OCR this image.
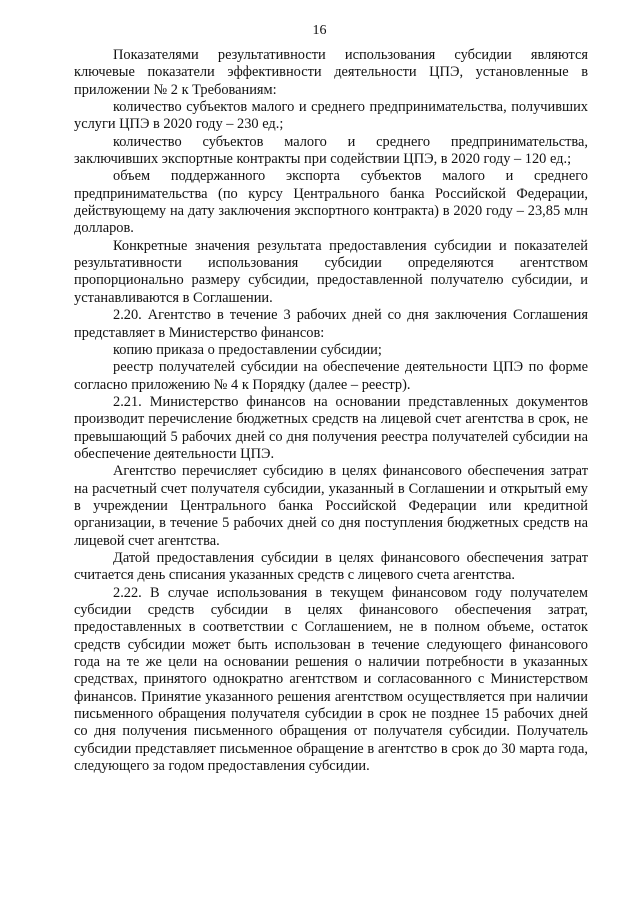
16

Показателями результативности использования субсидии являются ключевые показатели эффективности деятельности ЦПЭ, установленные в приложении № 2 к Требованиям:

количество субъектов малого и среднего предпринимательства, получивших услуги ЦПЭ в 2020 году – 230 ед.;

количество субъектов малого и среднего предпринимательства, заключивших экспортные контракты при содействии ЦПЭ, в 2020 году – 120 ед.;

объем поддержанного экспорта субъектов малого и среднего предпринимательства (по курсу Центрального банка Российской Федерации, действующему на дату заключения экспортного контракта) в 2020 году – 23,85 млн долларов.

Конкретные значения результата предоставления субсидии и показателей результативности использования субсидии определяются агентством пропорционально размеру субсидии, предоставленной получателю субсидии, и устанавливаются в Соглашении.

2.20. Агентство в течение 3 рабочих дней со дня заключения Соглашения представляет в Министерство финансов:

копию приказа о предоставлении субсидии;

реестр получателей субсидии на обеспечение деятельности ЦПЭ по форме согласно приложению № 4 к Порядку (далее – реестр).

2.21. Министерство финансов на основании представленных документов производит перечисление бюджетных средств на лицевой счет агентства в срок, не превышающий 5 рабочих дней со дня получения реестра получателей субсидии на обеспечение деятельности ЦПЭ.

Агентство перечисляет субсидию в целях финансового обеспечения затрат на расчетный счет получателя субсидии, указанный в Соглашении и открытый ему в учреждении Центрального банка Российской Федерации или кредитной организации, в течение 5 рабочих дней со дня поступления бюджетных средств на лицевой счет агентства.

Датой предоставления субсидии в целях финансового обеспечения затрат считается день списания указанных средств с лицевого счета агентства.

2.22. В случае использования в текущем финансовом году получателем субсидии средств субсидии в целях финансового обеспечения затрат, предоставленных в соответствии с Соглашением, не в полном объеме, остаток средств субсидии может быть использован в течение следующего финансового года на те же цели на основании решения о наличии потребности в указанных средствах, принятого однократно агентством и согласованного с Министерством финансов. Принятие указанного решения агентством осуществляется при наличии письменного обращения получателя субсидии в срок не позднее 15 рабочих дней со дня получения письменного обращения от получателя субсидии. Получатель субсидии представляет письменное обращение в агентство в срок до 30 марта года, следующего за годом предоставления субсидии.
